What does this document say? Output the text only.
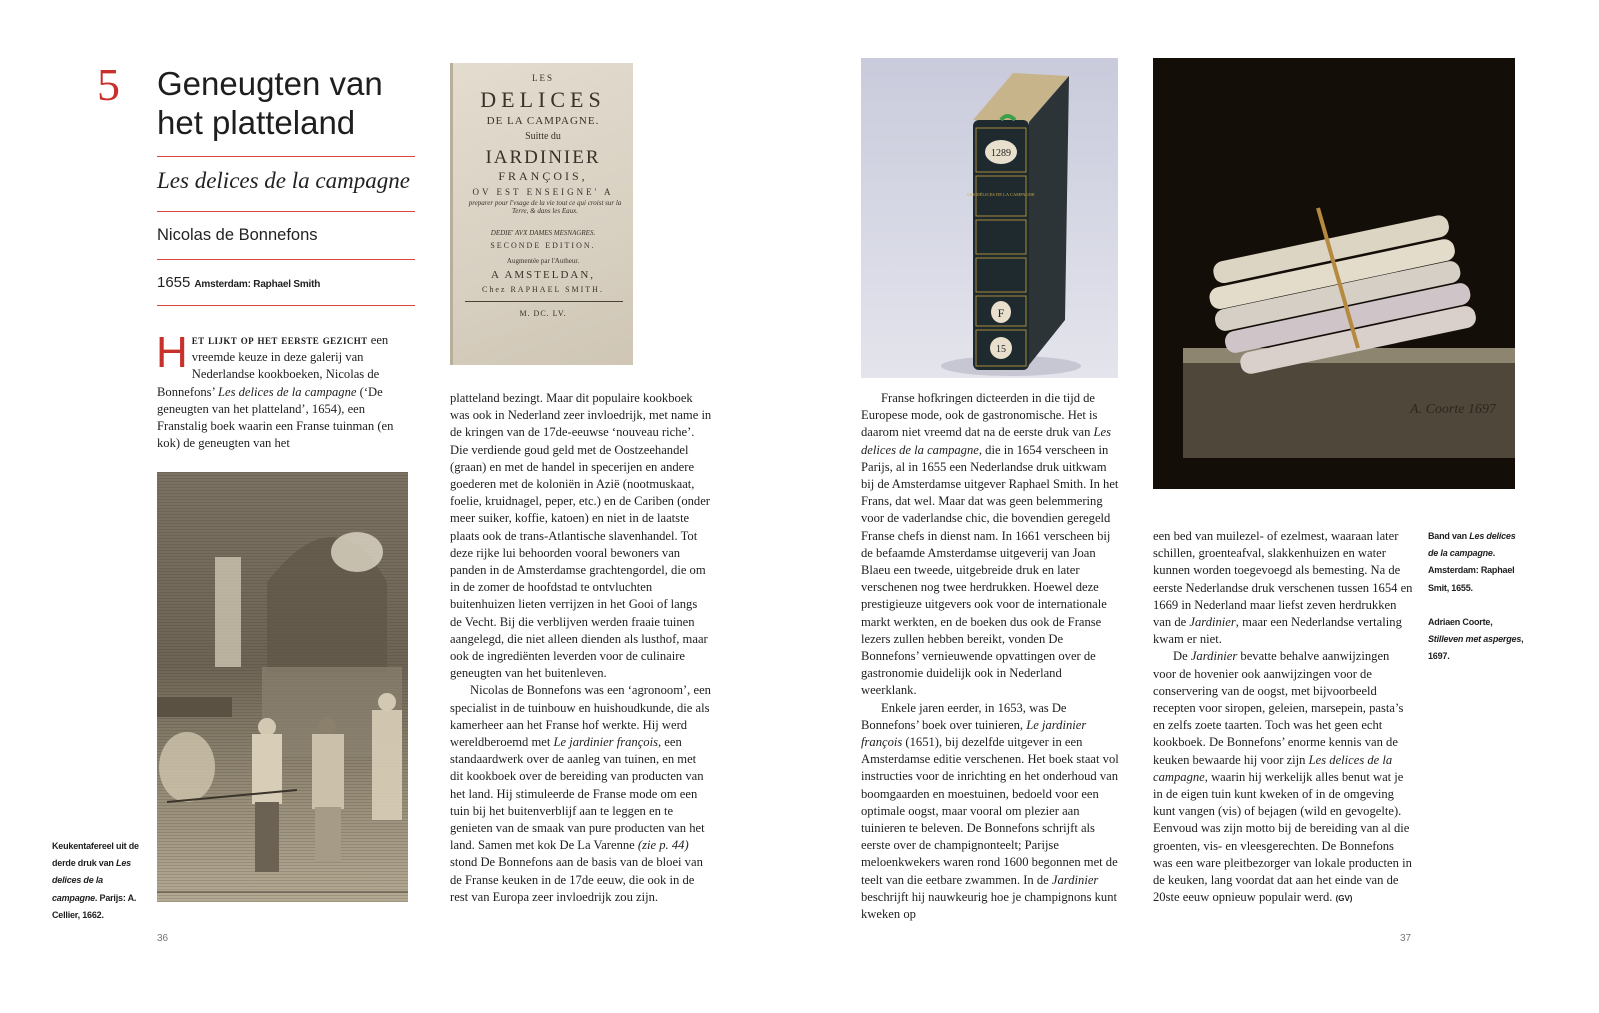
5 Geneugten van het platteland
Les delices de la campagne
Nicolas de Bonnefons
1655 Amsterdam: Raphael Smith

Het lijkt op het eerste gezicht een vreemde keuze in deze galerij van Nederlandse kookboeken, Nicolas de Bonnefons’ Les delices de la campagne (‘De geneugten van het platteland’, 1654), een Franstalig boek waarin een Franse tuinman (en kok) de geneugten van het

LES
DELICES
DE LA CAMPAGNE.
Suitte du
IARDINIER
FRANÇOIS,
OV EST ENSEIGNE' A
preparer pour l'vsage de la vie tout ce qui croist sur la Terre, & dans les Eaux.
DEDIE' AVX DAMES MESNAGRES.
SECONDE EDITION.
Augmentée par l'Autheur.
A AMSTELDAN,
Chez RAPHAEL SMITH.
M. DC. LV.

platteland bezingt. Maar dit populaire kookboek was ook in Nederland zeer invloedrijk, met name in de kringen van de 17de-eeuwse ‘nouveau riche’. Die verdiende goud geld met de Oostzeehandel (graan) en met de handel in specerijen en andere goederen met de koloniën in Azië (nootmuskaat, foelie, kruidnagel, peper, etc.) en de Cariben (onder meer suiker, koffie, katoen) en niet in de laatste plaats ook de trans-Atlantische slavenhandel. Tot deze rijke lui behoorden vooral bewoners van panden in de Amsterdamse grachtengordel, die om in de zomer de hoofdstad te ontvluchten buitenhuizen lieten verrijzen in het Gooi of langs de Vecht. Bij die verblijven werden fraaie tuinen aangelegd, die niet alleen dienden als lusthof, maar ook de ingrediënten leverden voor de culinaire geneugten van het buitenleven.

Nicolas de Bonnefons was een ‘agronoom’, een specialist in de tuinbouw en huishoudkunde, die als kamerheer aan het Franse hof werkte. Hij werd wereldberoemd met Le jardinier françois, een standaardwerk over de aanleg van tuinen, en met dit kookboek over de bereiding van producten van het land. Hij stimuleerde de Franse mode om een tuin bij het buitenverblijf aan te leggen en te genieten van de smaak van pure producten van het land. Samen met kok De La Varenne (zie p. 44) stond De Bonnefons aan de basis van de bloei van de Franse keuken in de 17de eeuw, die ook in de rest van Europa zeer invloedrijk zou zijn.

Keukentafereel uit de derde druk van Les delices de la campagne. Parijs: A. Cellier, 1662.
36
1289
LES DÉLICES DE LA CAMPAGNE
F
15
A. Coorte 1697

Franse hofkringen dicteerden in die tijd de Europese mode, ook de gastronomische. Het is daarom niet vreemd dat na de eerste druk van Les delices de la campagne, die in 1654 verscheen in Parijs, al in 1655 een Nederlandse druk uitkwam bij de Amsterdamse uitgever Raphael Smith. In het Frans, dat wel. Maar dat was geen belemmering voor de vaderlandse chic, die bovendien geregeld Franse chefs in dienst nam. In 1661 verscheen bij de befaamde Amsterdamse uitgeverij van Joan Blaeu een tweede, uitgebreide druk en later verschenen nog twee herdrukken. Hoewel deze prestigieuze uitgevers ook voor de internationale markt werkten, en de boeken dus ook de Franse lezers zullen hebben bereikt, vonden De Bonnefons’ vernieuwende opvattingen over de gastronomie duidelijk ook in Nederland weerklank.

Enkele jaren eerder, in 1653, was De Bonnefons’ boek over tuinieren, Le jardinier françois (1651), bij dezelfde uitgever in een Amsterdamse editie verschenen. Het boek staat vol instructies voor de inrichting en het onderhoud van boomgaarden en moestuinen, bedoeld voor een optimale oogst, maar vooral om plezier aan tuinieren te beleven. De Bonnefons schrijft als eerste over de champignonteelt; Parijse meloenkwekers waren rond 1600 begonnen met de teelt van die eetbare zwammen. In de Jardinier beschrijft hij nauwkeurig hoe je champignons kunt kweken op

een bed van muilezel- of ezelmest, waaraan later schillen, groenteafval, slakkenhuizen en water kunnen worden toegevoegd als bemesting. Na de eerste Nederlandse druk verschenen tussen 1654 en 1669 in Nederland maar liefst zeven herdrukken van de Jardinier, maar een Nederlandse vertaling kwam er niet.

De Jardinier bevatte behalve aanwijzingen voor de hovenier ook aanwijzingen voor de conservering van de oogst, met bijvoorbeeld recepten voor siropen, geleien, marsepein, pasta’s en zelfs zoete taarten. Toch was het geen echt kookboek. De Bonnefons’ enorme kennis van de keuken bewaarde hij voor zijn Les delices de la campagne, waarin hij werkelijk alles benut wat je in de eigen tuin kunt kweken of in de omgeving kunt vangen (vis) of bejagen (wild en gevogelte). Eenvoud was zijn motto bij de bereiding van al die groenten, vis- en vleesgerechten. De Bonnefons was een ware pleitbezorger van lokale producten in de keuken, lang voordat dat aan het einde van de 20ste eeuw opnieuw populair werd. (GV)

Band van Les delices de la campagne. Amsterdam: Raphael Smit, 1655.
Adriaen Coorte, Stilleven met asperges, 1697.
37
